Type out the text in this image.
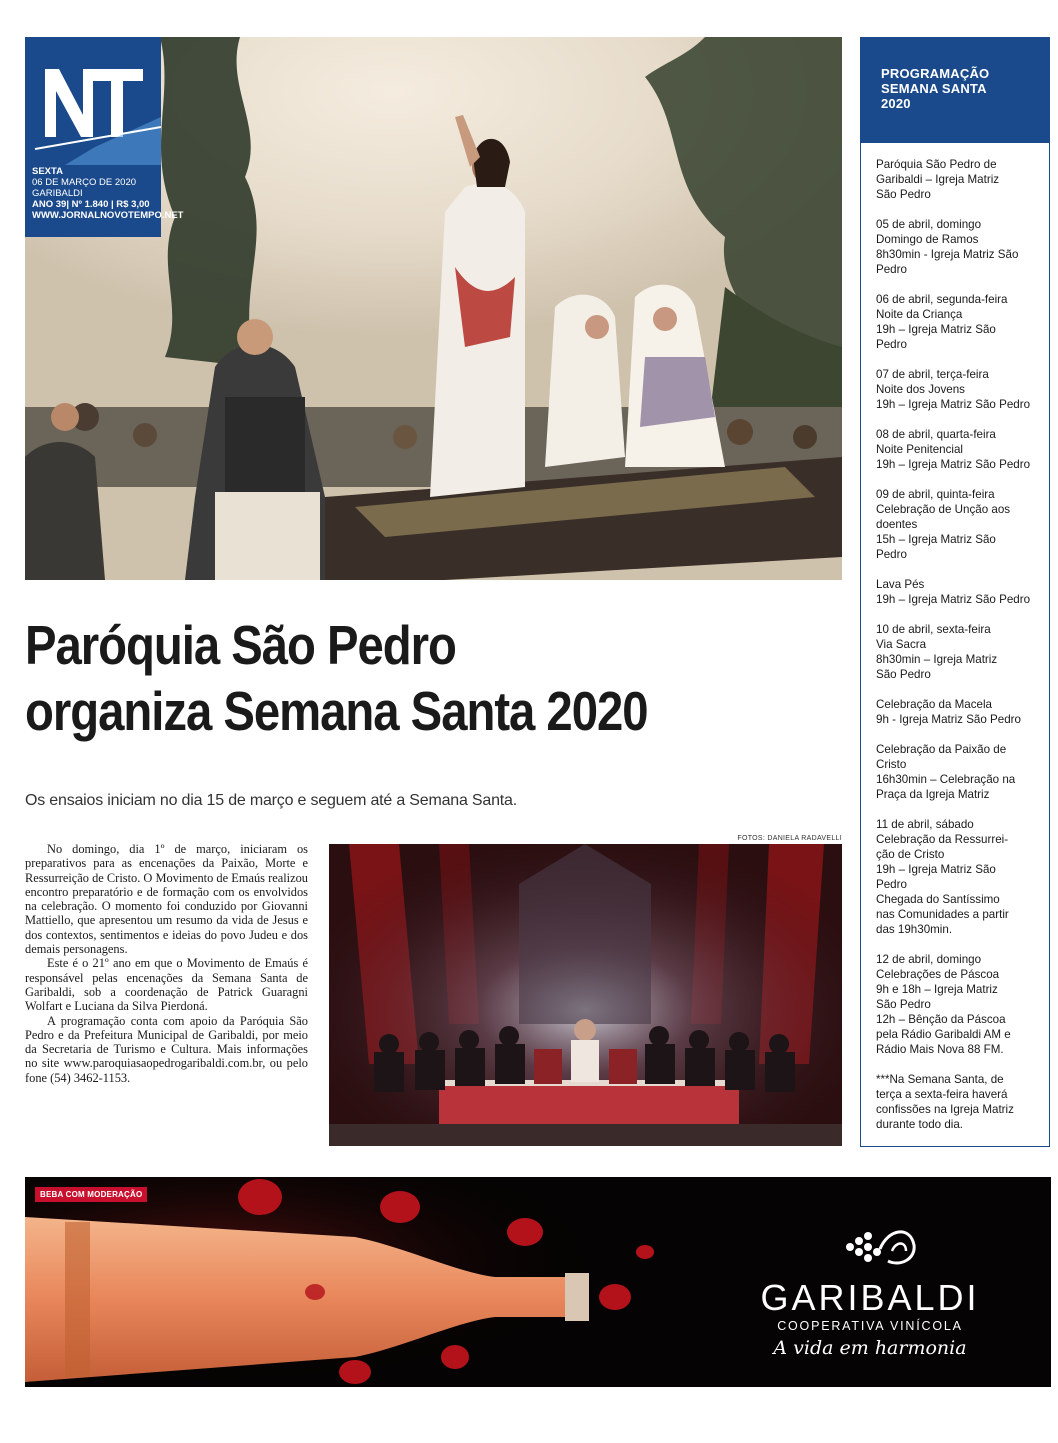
SEXTA
06 DE MARÇO DE 2020
GARIBALDI
ANO 39| Nº 1.840 | R$ 3,00
WWW.JORNALNOVOTEMPO.NET
PROGRAMAÇÃO
SEMANA SANTA
2020
Paróquia São Pedro de
Garibaldi – Igreja Matriz
São Pedro
05 de abril, domingo
Domingo de Ramos
8h30min - Igreja Matriz São
Pedro
06 de abril, segunda-feira
Noite da Criança
19h – Igreja Matriz São
Pedro
07 de abril, terça-feira
Noite dos Jovens
19h – Igreja Matriz São Pedro
08 de abril, quarta-feira
Noite Penitencial
19h – Igreja Matriz São Pedro
09 de abril, quinta-feira
Celebração de Unção aos
doentes
15h – Igreja Matriz São
Pedro
Lava Pés
19h – Igreja Matriz São Pedro
10 de abril, sexta-feira
Via Sacra
8h30min – Igreja Matriz
São Pedro
Celebração da Macela
9h - Igreja Matriz São Pedro
Celebração da Paixão de
Cristo
16h30min – Celebração na
Praça da Igreja Matriz
11 de abril, sábado
Celebração da Ressurrei-
ção de Cristo
19h – Igreja Matriz São
Pedro
Chegada do Santíssimo
nas Comunidades a partir
das 19h30min.
12 de abril, domingo
Celebrações de Páscoa
9h e 18h – Igreja Matriz
São Pedro
12h – Bênção da Páscoa
pela Rádio Garibaldi AM e
Rádio Mais Nova 88 FM.
***Na Semana Santa, de
terça a sexta-feira haverá
confissões na Igreja Matriz
durante todo dia.
Paróquia São Pedro
organiza Semana Santa 2020
Os ensaios iniciam no dia 15 de março e seguem até a Semana Santa.
FOTOS: DANIELA RADAVELLI

No domingo, dia 1º de março, iniciaram os preparativos para as encenações da Paixão, Morte e Ressurreição de Cristo. O Movimento de Emaús realizou encontro preparatório e de formação com os envolvidos na celebração. O momento foi conduzido por Giovanni Mattiello, que apresentou um resumo da vida de Jesus e dos contextos, sentimentos e ideias do povo Judeu e dos demais personagens.

Este é o 21º ano em que o Movimento de Emaús é responsável pelas encenações da Semana Santa de Garibaldi, sob a coordenação de Patrick Guaragni Wolfart e Luciana da Silva Pierdoná.

A programação conta com apoio da Paróquia São Pedro e da Prefeitura Municipal de Garibaldi, por meio da Secretaria de Turismo e Cultura. Mais informações no site www.paroquiasaopedrogaribaldi.com.br, ou pelo fone (54) 3462-1153.

BEBA COM MODERAÇÃO
GARIBALDI
COOPERATIVA VINÍCOLA
A vida em harmonia
